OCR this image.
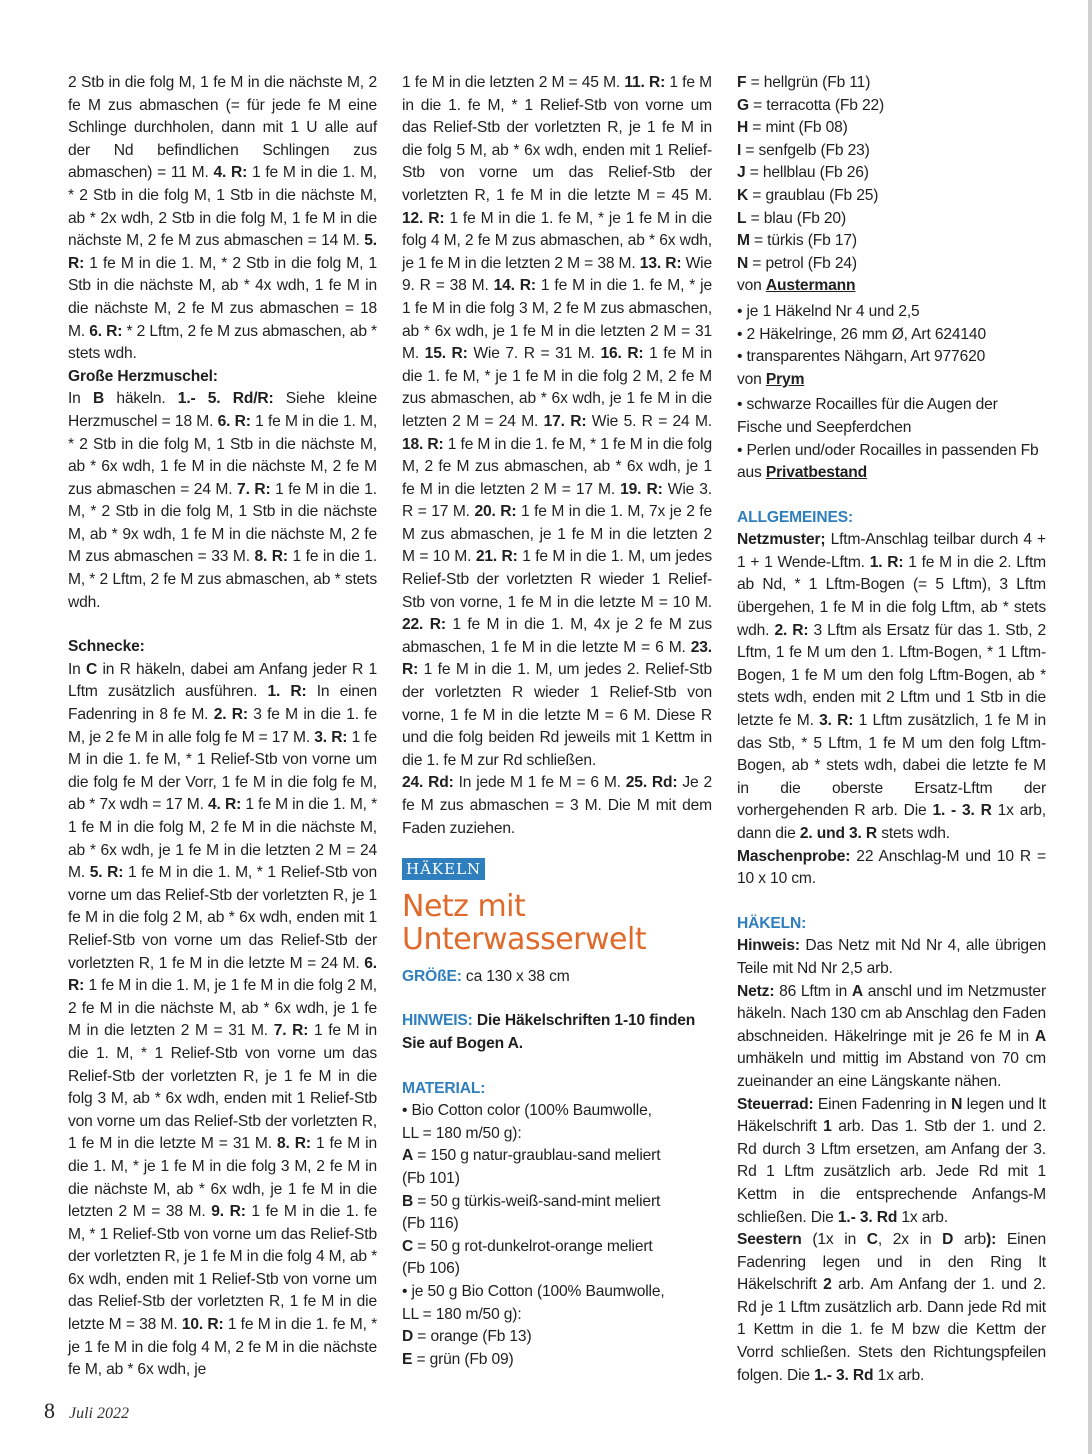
2 Stb in die folg M, 1 fe M in die nächste M, 2 fe M zus abmaschen (= für jede fe M eine Schlinge durchholen, dann mit 1 U alle auf der Nd befindlichen Schlingen zus abmaschen) = 11 M. 4. R: 1 fe M in die 1. M, * 2 Stb in die folg M, 1 Stb in die nächste M, ab * 2x wdh, 2 Stb in die folg M, 1 fe M in die nächste M, 2 fe M zus abmaschen = 14 M. 5. R: 1 fe M in die 1. M, * 2 Stb in die folg M, 1 Stb in die nächste M, ab * 4x wdh, 1 fe M in die nächste M, 2 fe M zus abmaschen = 18 M. 6. R: * 2 Lftm, 2 fe M zus abmaschen, ab * stets wdh.

Große Herzmuschel:
In B häkeln. 1.- 5. Rd/R: Siehe kleine Herzmuschel = 18 M. 6. R: 1 fe M in die 1. M, * 2 Stb in die folg M, 1 Stb in die nächste M, ab * 6x wdh, 1 fe M in die nächste M, 2 fe M zus abmaschen = 24 M. 7. R: 1 fe M in die 1. M, * 2 Stb in die folg M, 1 Stb in die nächste M, ab * 9x wdh, 1 fe M in die nächste M, 2 fe M zus abmaschen = 33 M. 8. R: 1 fe in die 1. M, * 2 Lftm, 2 fe M zus abmaschen, ab * stets wdh.

Schnecke:
In C in R häkeln, dabei am Anfang jeder R 1 Lftm zusätzlich ausführen. 1. R: In einen Fadenring in 8 fe M. 2. R: 3 fe M in die 1. fe M, je 2 fe M in alle folg fe M = 17 M. 3. R: 1 fe M in die 1. fe M, * 1 Relief-Stb von vorne um die folg fe M der Vorr, 1 fe M in die folg fe M, ab * 7x wdh = 17 M. 4. R: 1 fe M in die 1. M, * 1 fe M in die folg M, 2 fe M in die nächste M, ab * 6x wdh, je 1 fe M in die letzten 2 M = 24 M. 5. R: 1 fe M in die 1. M, * 1 Relief-Stb von vorne um das Relief-Stb der vorletzten R, je 1 fe M in die folg 2 M, ab * 6x wdh, enden mit 1 Relief-Stb von vorne um das Relief-Stb der vorletzten R, 1 fe M in die letzte M = 24 M. 6. R: 1 fe M in die 1. M, je 1 fe M in die folg 2 M, 2 fe M in die nächste M, ab * 6x wdh, je 1 fe M in die letzten 2 M = 31 M. 7. R: 1 fe M in die 1. M, * 1 Relief-Stb von vorne um das Relief-Stb der vorletzten R, je 1 fe M in die folg 3 M, ab * 6x wdh, enden mit 1 Relief-Stb von vorne um das Relief-Stb der vorletzten R, 1 fe M in die letzte M = 31 M. 8. R: 1 fe M in die 1. M, * je 1 fe M in die folg 3 M, 2 fe M in die nächste M, ab * 6x wdh, je 1 fe M in die letzten 2 M = 38 M. 9. R: 1 fe M in die 1. fe M, * 1 Relief-Stb von vorne um das Relief-Stb der vorletzten R, je 1 fe M in die folg 4 M, ab * 6x wdh, enden mit 1 Relief-Stb von vorne um das Relief-Stb der vorletzten R, 1 fe M in die letzte M = 38 M. 10. R: 1 fe M in die 1. fe M, * je 1 fe M in die folg 4 M, 2 fe M in die nächste fe M, ab * 6x wdh, je

1 fe M in die letzten 2 M = 45 M. 11. R: 1 fe M in die 1. fe M, * 1 Relief-Stb von vorne um das Relief-Stb der vorletzten R, je 1 fe M in die folg 5 M, ab * 6x wdh, enden mit 1 Relief-Stb von vorne um das Relief-Stb der vorletzten R, 1 fe M in die letzte M = 45 M. 12. R: 1 fe M in die 1. fe M, * je 1 fe M in die folg 4 M, 2 fe M zus abmaschen, ab * 6x wdh, je 1 fe M in die letzten 2 M = 38 M. 13. R: Wie 9. R = 38 M. 14. R: 1 fe M in die 1. fe M, * je 1 fe M in die folg 3 M, 2 fe M zus abmaschen, ab * 6x wdh, je 1 fe M in die letzten 2 M = 31 M. 15. R: Wie 7. R = 31 M. 16. R: 1 fe M in die 1. fe M, * je 1 fe M in die folg 2 M, 2 fe M zus abmaschen, ab * 6x wdh, je 1 fe M in die letzten 2 M = 24 M. 17. R: Wie 5. R = 24 M. 18. R: 1 fe M in die 1. fe M, * 1 fe M in die folg M, 2 fe M zus abmaschen, ab * 6x wdh, je 1 fe M in die letzten 2 M = 17 M. 19. R: Wie 3. R = 17 M. 20. R: 1 fe M in die 1. M, 7x je 2 fe M zus abmaschen, je 1 fe M in die letzten 2 M = 10 M. 21. R: 1 fe M in die 1. M, um jedes Relief-Stb der vorletzten R wieder 1 Relief-Stb von vorne, 1 fe M in die letzte M = 10 M. 22. R: 1 fe M in die 1. M, 4x je 2 fe M zus abmaschen, 1 fe M in die letzte M = 6 M. 23. R: 1 fe M in die 1. M, um jedes 2. Relief-Stb der vorletzten R wieder 1 Relief-Stb von vorne, 1 fe M in die letzte M = 6 M. Diese R und die folg beiden Rd jeweils mit 1 Kettm in die 1. fe M zur Rd schließen.
24. Rd: In jede M 1 fe M = 6 M. 25. Rd: Je 2 fe M zus abmaschen = 3 M. Die M mit dem Faden zuziehen.

HÄKELN
Netz mit
Unterwasserwelt

GRÖßE: ca 130 x 38 cm

HINWEIS: Die Häkelschriften 1-10 finden Sie auf Bogen A.

MATERIAL:
• Bio Cotton color (100% Baumwolle,
LL = 180 m/50 g):
A = 150 g natur-graublau-sand meliert
(Fb 101)
B = 50 g türkis-weiß-sand-mint meliert
(Fb 116)
C = 50 g rot-dunkelrot-orange meliert
(Fb 106)
• je 50 g Bio Cotton (100% Baumwolle,
LL = 180 m/50 g):
D = orange (Fb 13)
E = grün (Fb 09)
F = hellgrün (Fb 11)
G = terracotta (Fb 22)
H = mint (Fb 08)
I = senfgelb (Fb 23)
J = hellblau (Fb 26)
K = graublau (Fb 25)
L = blau (Fb 20)
M = türkis (Fb 17)
N = petrol (Fb 24)
von Austermann
• je 1 Häkelnd Nr 4 und 2,5
• 2 Häkelringe, 26 mm Ø, Art 624140
• transparentes Nähgarn, Art 977620
von Prym
• schwarze Rocailles für die Augen der Fische und Seepferdchen
• Perlen und/oder Rocailles in passenden Fb
aus Privatbestand
ALLGEMEINES:

Netzmuster; Lftm-Anschlag teilbar durch 4 + 1 + 1 Wende-Lftm. 1. R: 1 fe M in die 2. Lftm ab Nd, * 1 Lftm-Bogen (= 5 Lftm), 3 Lftm übergehen, 1 fe M in die folg Lftm, ab * stets wdh. 2. R: 3 Lftm als Ersatz für das 1. Stb, 2 Lftm, 1 fe M um den 1. Lftm-Bogen, * 1 Lftm-Bogen, 1 fe M um den folg Lftm-Bogen, ab * stets wdh, enden mit 2 Lftm und 1 Stb in die letzte fe M. 3. R: 1 Lftm zusätzlich, 1 fe M in das Stb, * 5 Lftm, 1 fe M um den folg Lftm-Bogen, ab * stets wdh, dabei die letzte fe M in die oberste Ersatz-Lftm der vorhergehenden R arb. Die 1. - 3. R 1x arb, dann die 2. und 3. R stets wdh.
Maschenprobe: 22 Anschlag-M und 10 R = 10 x 10 cm.

HÄKELN:

Hinweis: Das Netz mit Nd Nr 4, alle übrigen Teile mit Nd Nr 2,5 arb.
Netz: 86 Lftm in A anschl und im Netzmuster häkeln. Nach 130 cm ab Anschlag den Faden abschneiden. Häkelringe mit je 26 fe M in A umhäkeln und mittig im Abstand von 70 cm zueinander an eine Längskante nähen.
Steuerrad: Einen Fadenring in N legen und lt Häkelschrift 1 arb. Das 1. Stb der 1. und 2. Rd durch 3 Lftm ersetzen, am Anfang der 3. Rd 1 Lftm zusätzlich arb. Jede Rd mit 1 Kettm in die entsprechende Anfangs-M schließen. Die 1.- 3. Rd 1x arb.
Seestern (1x in C, 2x in D arb): Einen Fadenring legen und in den Ring lt Häkelschrift 2 arb. Am Anfang der 1. und 2. Rd je 1 Lftm zusätzlich arb. Dann jede Rd mit 1 Kettm in die 1. fe M bzw die Kettm der Vorrd schließen. Stets den Richtungspfeilen folgen. Die 1.- 3. Rd 1x arb.

8 Juli 2022
